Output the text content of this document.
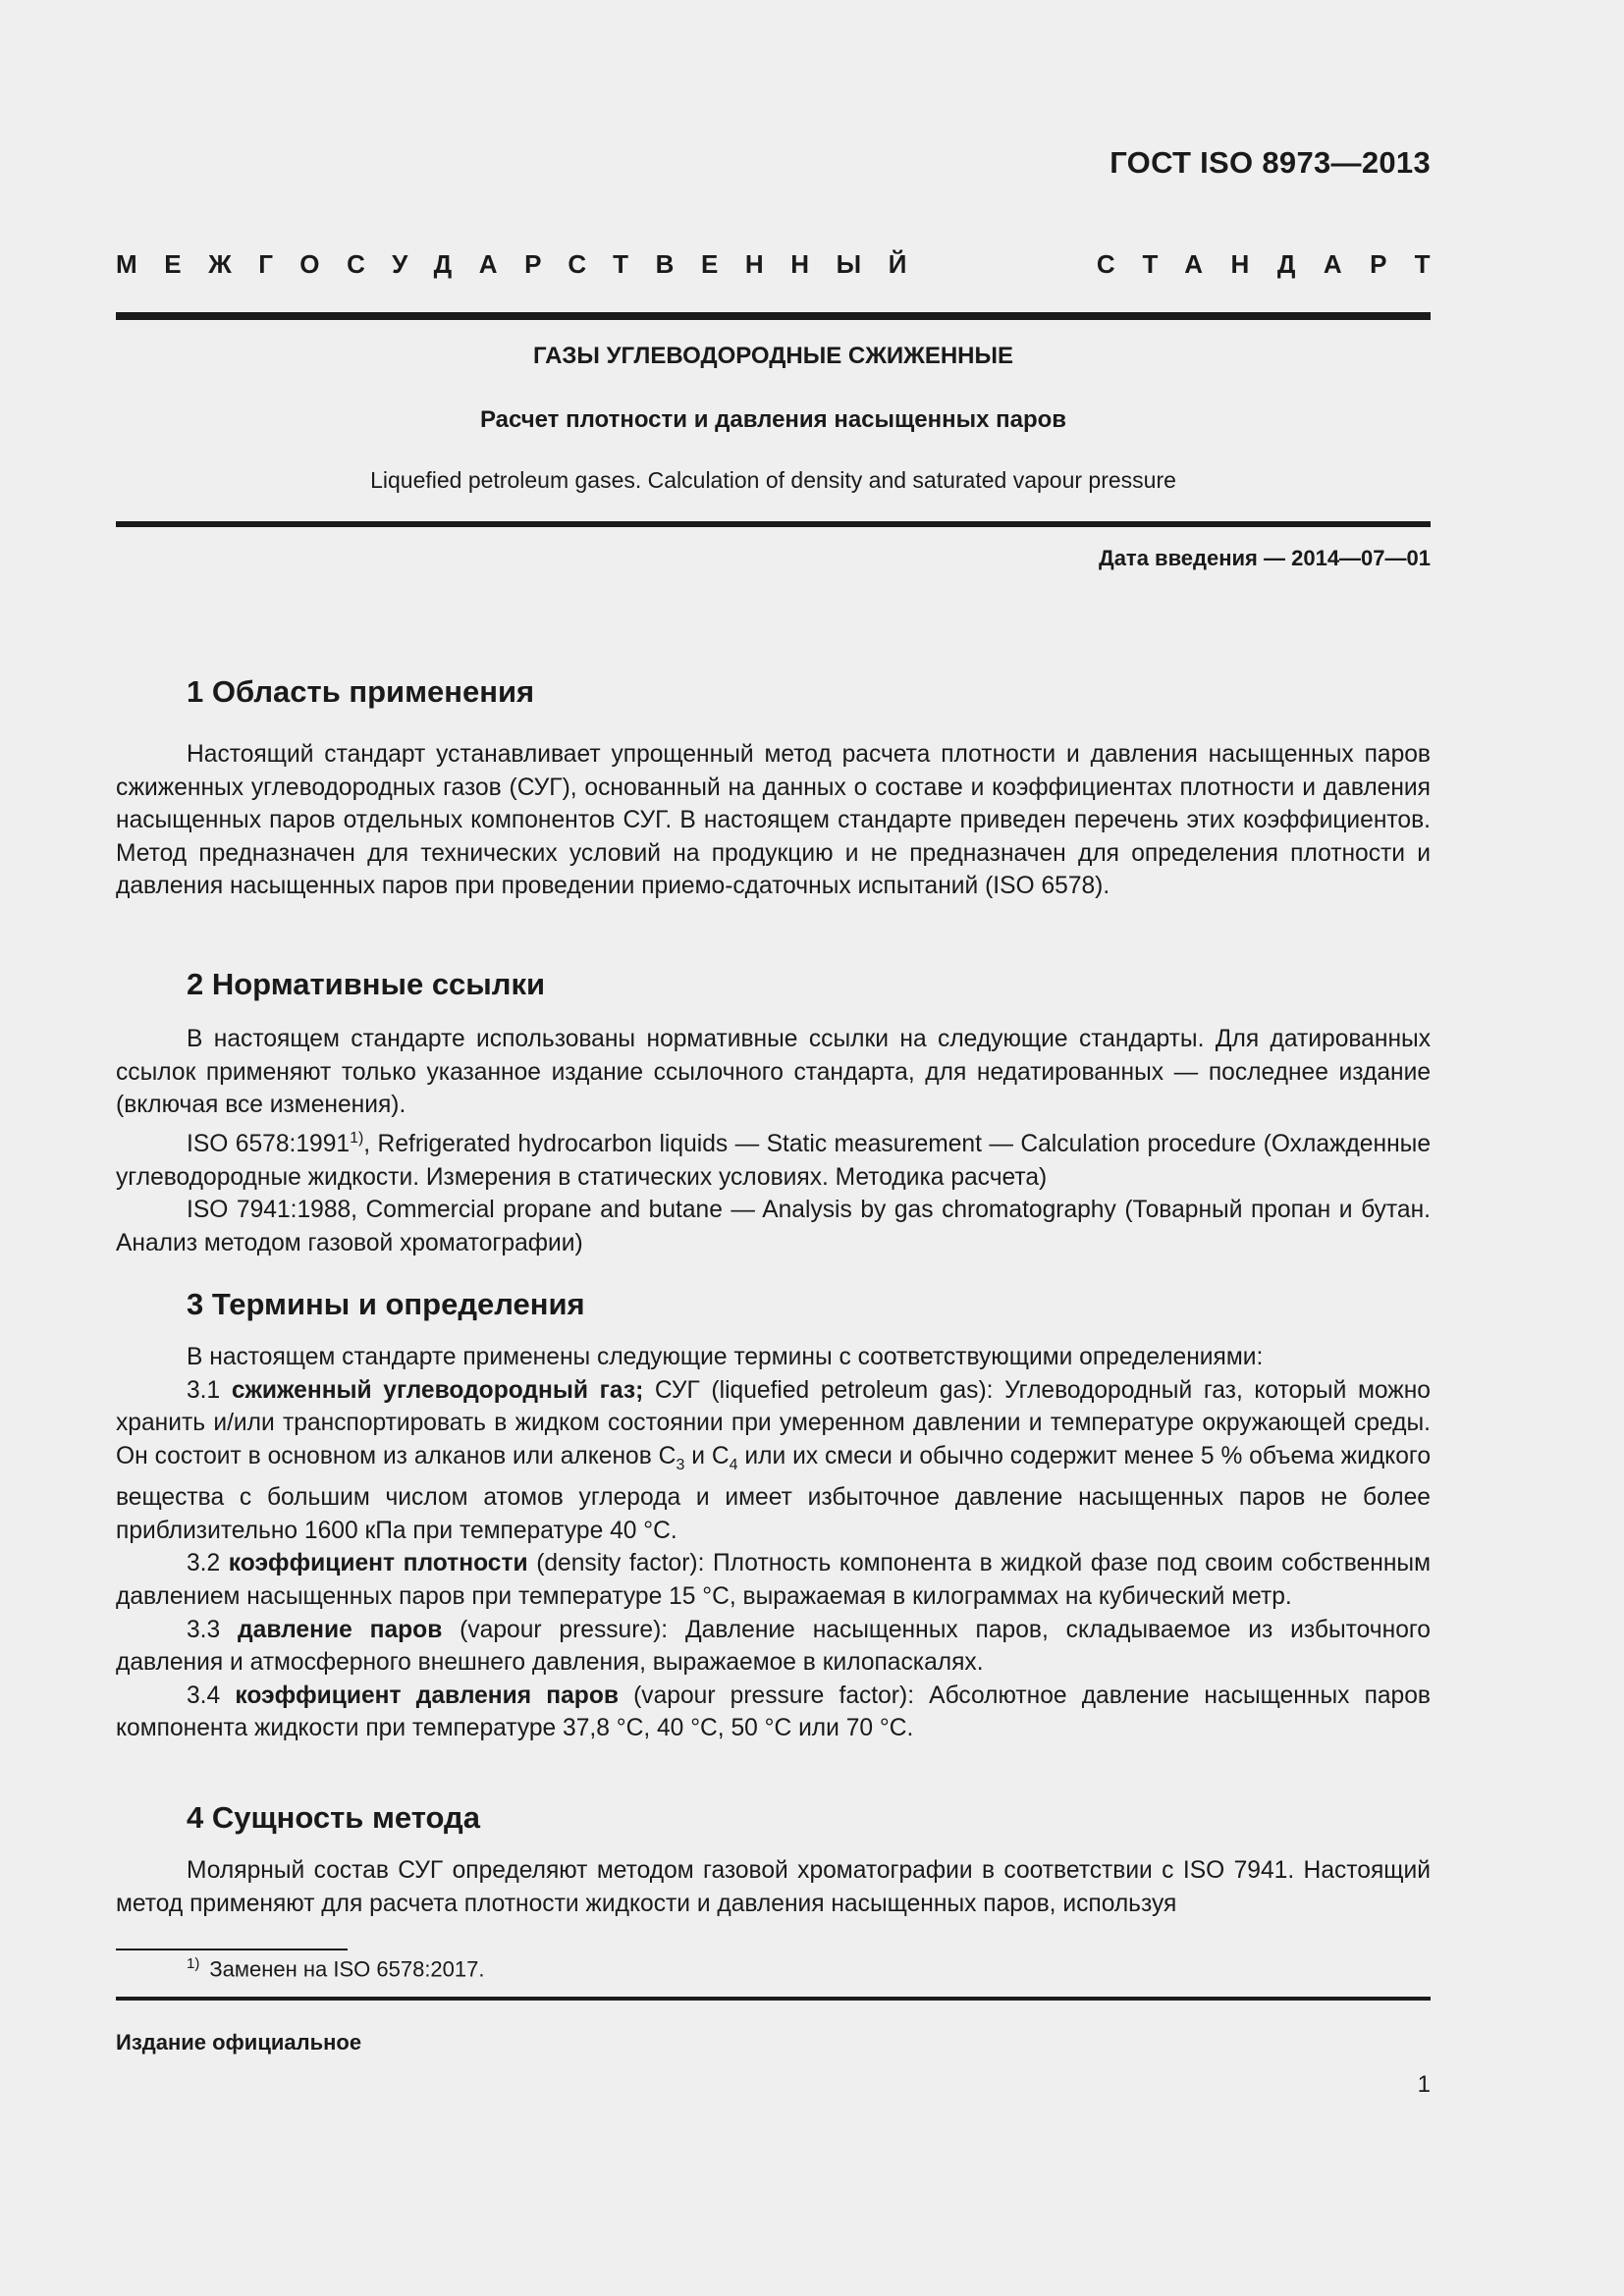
ГОСТ ISO 8973—2013
МЕЖГОСУДАРСТВЕННЫЙ	СТАНДАРТ
ГАЗЫ УГЛЕВОДОРОДНЫЕ СЖИЖЕННЫЕ
Расчет плотности и давления насыщенных паров
Liquefied petroleum gases. Calculation of density and saturated vapour pressure
Дата введения — 2014—07—01
1 Область применения

Настоящий стандарт устанавливает упрощенный метод расчета плотности и давления насыщенных паров сжиженных углеводородных газов (СУГ), основанный на данных о составе и коэффициентах плотности и давления насыщенных паров отдельных компонентов СУГ. В настоящем стандарте приведен перечень этих коэффициентов. Метод предназначен для технических условий на продукцию и не предназначен для определения плотности и давления насыщенных паров при проведении приемо-сдаточных испытаний (ISO 6578).

2 Нормативные ссылки

В настоящем стандарте использованы нормативные ссылки на следующие стандарты. Для датированных ссылок применяют только указанное издание ссылочного стандарта, для недатированных — последнее издание (включая все изменения).

ISO 6578:1991$^{1)}$, Refrigerated hydrocarbon liquids — Static measurement — Calculation procedure (Охлажденные углеводородные жидкости. Измерения в статических условиях. Методика расчета)

ISO 7941:1988, Commercial propane and butane — Analysis by gas chromatography (Товарный пропан и бутан. Анализ методом газовой хроматографии)

3 Термины и определения

В настоящем стандарте применены следующие термины с соответствующими определениями:

3.1 сжиженный углеводородный газ; СУГ (liquefied petroleum gas): Углеводородный газ, который можно хранить и/или транспортировать в жидком состоянии при умеренном давлении и температуре окружающей среды. Он состоит в основном из алканов или алкенов $С_3$ и $С_4$ или их смеси и обычно содержит менее 5 % объема жидкого вещества с большим числом атомов углерода и имеет избыточное давление насыщенных паров не более приблизительно 1600 кПа при температуре 40 °С.

3.2 коэффициент плотности (density factor): Плотность компонента в жидкой фазе под своим собственным давлением насыщенных паров при температуре 15 °С, выражаемая в килограммах на кубический метр.

3.3 давление паров (vapour pressure): Давление насыщенных паров, складываемое из избыточного давления и атмосферного внешнего давления, выражаемое в килопаскалях.

3.4 коэффициент давления паров (vapour pressure factor): Абсолютное давление насыщенных паров компонента жидкости при температуре 37,8 °С, 40 °С, 50 °С или 70 °С.

4 Сущность метода

Молярный состав СУГ определяют методом газовой хроматографии в соответствии с ISO 7941. Настоящий метод применяют для расчета плотности жидкости и давления насыщенных паров, используя

$^{1)}$ Заменен на ISO 6578:2017.
Издание официальное
1
